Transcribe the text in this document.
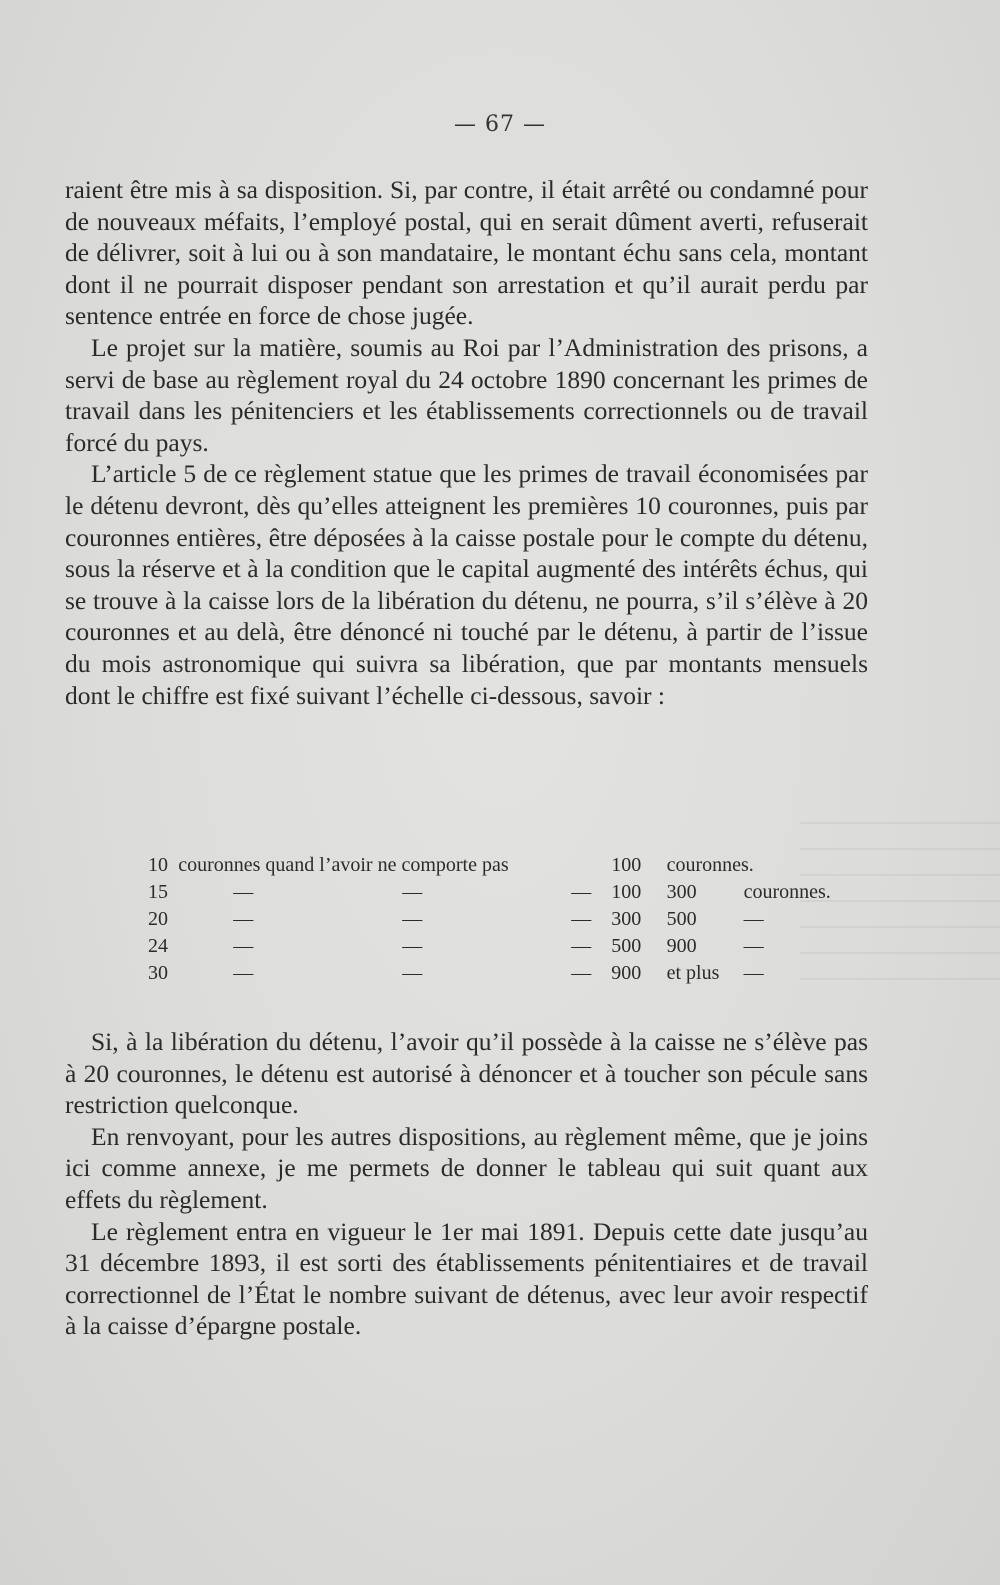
— 67 —

raient être mis à sa disposition. Si, par contre, il était arrêté ou condamné pour de nouveaux méfaits, l’employé postal, qui en serait dûment averti, refuserait de délivrer, soit à lui ou à son mandataire, le montant échu sans cela, montant dont il ne pourrait disposer pendant son arrestation et qu’il aurait perdu par sentence entrée en force de chose jugée.

Le projet sur la matière, soumis au Roi par l’Administration des prisons, a servi de base au règlement royal du 24 octobre 1890 concernant les primes de travail dans les pénitenciers et les établissements correctionnels ou de travail forcé du pays.

L’article 5 de ce règlement statue que les primes de travail économisées par le détenu devront, dès qu’elles atteignent les premières 10 couronnes, puis par couronnes entières, être déposées à la caisse postale pour le compte du détenu, sous la réserve et à la condition que le capital augmenté des intérêts échus, qui se trouve à la caisse lors de la libération du détenu, ne pourra, s’il s’élève à 20 couronnes et au delà, être dénoncé ni touché par le détenu, à partir de l’issue du mois astronomique qui suivra sa libération, que par montants mensuels dont le chiffre est fixé suivant l’échelle ci-dessous, savoir :

10	couronnes quand l’avoir ne comporte pas	100	couronnes.
15	— — —	100	300 couronnes.
20	— — —	300	500 —
24	— — —	500	900 —
30	— — —	900	et plus —

Si, à la libération du détenu, l’avoir qu’il possède à la caisse ne s’élève pas à 20 couronnes, le détenu est autorisé à dénoncer et à toucher son pécule sans restriction quelconque.

En renvoyant, pour les autres dispositions, au règlement même, que je joins ici comme annexe, je me permets de donner le tableau qui suit quant aux effets du règlement.

Le règlement entra en vigueur le 1er mai 1891. Depuis cette date jusqu’au 31 décembre 1893, il est sorti des établissements pénitentiaires et de travail correctionnel de l’État le nombre suivant de détenus, avec leur avoir respectif à la caisse d’épargne postale.
